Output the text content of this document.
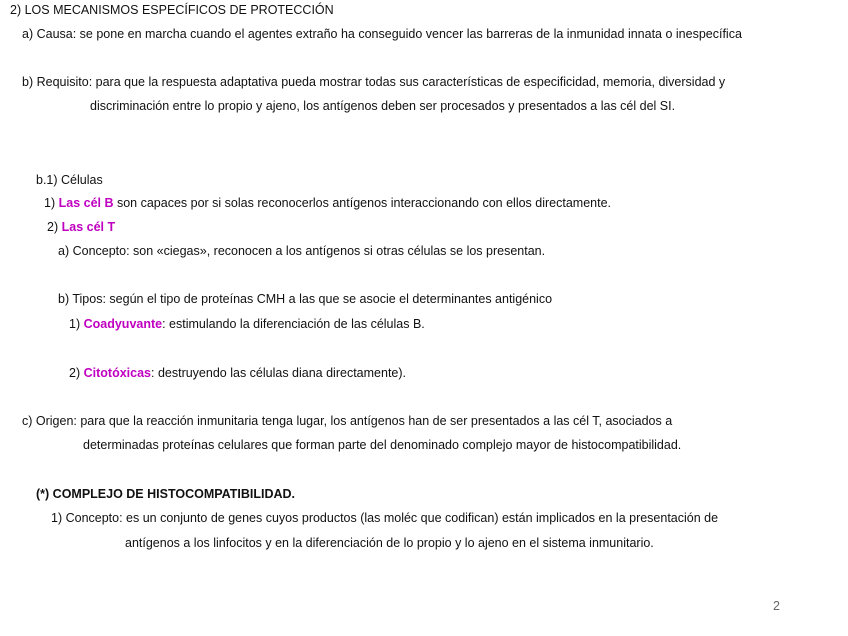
2) LOS MECANISMOS ESPECÍFICOS DE PROTECCIÓN
a) Causa: se pone en marcha cuando el agentes extraño ha conseguido vencer las barreras de la inmunidad innata o inespecífica
b) Requisito: para que la respuesta adaptativa pueda mostrar todas sus características de especificidad, memoria, diversidad y
discriminación entre lo propio y ajeno, los antígenos deben ser procesados y presentados a las cél del SI.
b.1) Células
1) Las cél B son capaces por si solas reconocerlos antígenos interaccionando con ellos directamente.
2) Las cél T
a) Concepto: son «ciegas», reconocen a los antígenos si otras células se los presentan.
b) Tipos: según el tipo de proteínas CMH a las que se asocie el determinantes antigénico
1) Coadyuvante: estimulando la diferenciación de las células B.
2) Citotóxicas: destruyendo las células diana directamente).
c) Origen: para que la reacción inmunitaria tenga lugar, los antígenos han de ser presentados a las cél T, asociados a
determinadas proteínas celulares que forman parte del denominado complejo mayor de histocompatibilidad.
(*) COMPLEJO DE HISTOCOMPATIBILIDAD.
1) Concepto: es un conjunto de genes cuyos productos (las moléc que codifican) están implicados en la presentación de
antígenos a los linfocitos y en la diferenciación de lo propio y lo ajeno en el sistema inmunitario.
2
